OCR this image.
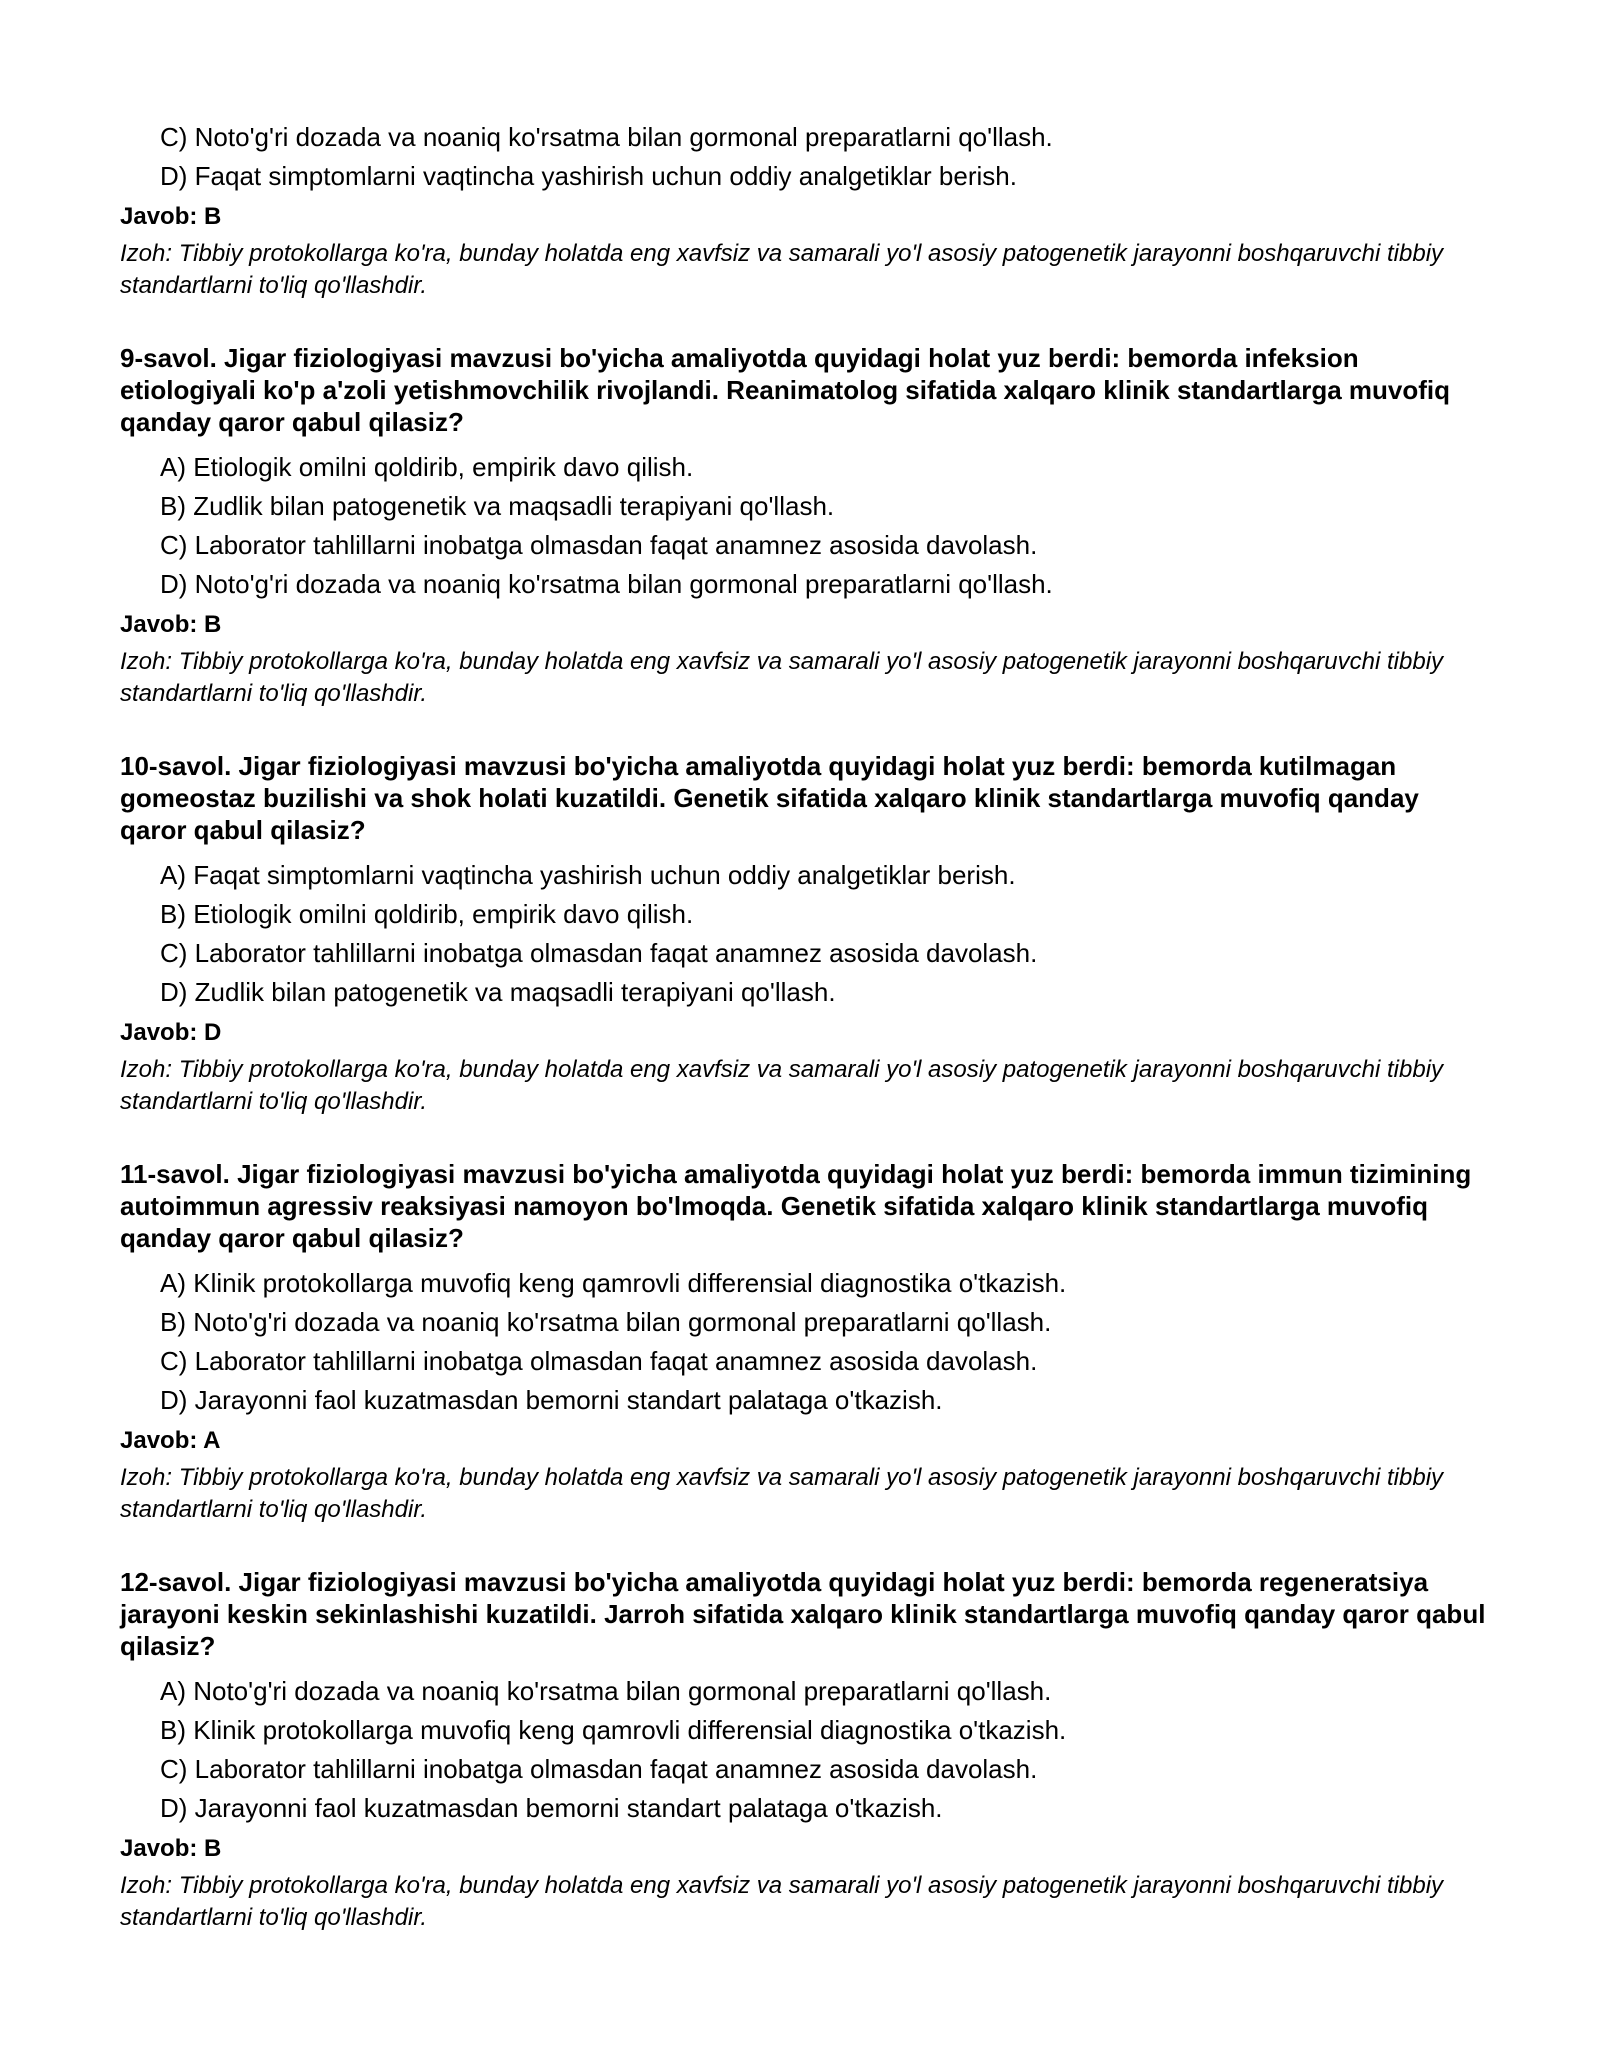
C) Noto'g'ri dozada va noaniq ko'rsatma bilan gormonal preparatlarni qo'llash.
D) Faqat simptomlarni vaqtincha yashirish uchun oddiy analgetiklar berish.
Javob: B
Izoh: Tibbiy protokollarga ko'ra, bunday holatda eng xavfsiz va samarali yo'l asosiy patogenetik jarayonni boshqaruvchi tibbiy standartlarni to'liq qo'llashdir.
9-savol. Jigar fiziologiyasi mavzusi bo'yicha amaliyotda quyidagi holat yuz berdi: bemorda infeksion etiologiyali ko'p a'zoli yetishmovchilik rivojlandi. Reanimatolog sifatida xalqaro klinik standartlarga muvofiq qanday qaror qabul qilasiz?
A) Etiologik omilni qoldirib, empirik davo qilish.
B) Zudlik bilan patogenetik va maqsadli terapiyani qo'llash.
C) Laborator tahlillarni inobatga olmasdan faqat anamnez asosida davolash.
D) Noto'g'ri dozada va noaniq ko'rsatma bilan gormonal preparatlarni qo'llash.
Javob: B
Izoh: Tibbiy protokollarga ko'ra, bunday holatda eng xavfsiz va samarali yo'l asosiy patogenetik jarayonni boshqaruvchi tibbiy standartlarni to'liq qo'llashdir.
10-savol. Jigar fiziologiyasi mavzusi bo'yicha amaliyotda quyidagi holat yuz berdi: bemorda kutilmagan gomeostaz buzilishi va shok holati kuzatildi. Genetik sifatida xalqaro klinik standartlarga muvofiq qanday qaror qabul qilasiz?
A) Faqat simptomlarni vaqtincha yashirish uchun oddiy analgetiklar berish.
B) Etiologik omilni qoldirib, empirik davo qilish.
C) Laborator tahlillarni inobatga olmasdan faqat anamnez asosida davolash.
D) Zudlik bilan patogenetik va maqsadli terapiyani qo'llash.
Javob: D
Izoh: Tibbiy protokollarga ko'ra, bunday holatda eng xavfsiz va samarali yo'l asosiy patogenetik jarayonni boshqaruvchi tibbiy standartlarni to'liq qo'llashdir.
11-savol. Jigar fiziologiyasi mavzusi bo'yicha amaliyotda quyidagi holat yuz berdi: bemorda immun tizimining autoimmun agressiv reaksiyasi namoyon bo'lmoqda. Genetik sifatida xalqaro klinik standartlarga muvofiq qanday qaror qabul qilasiz?
A) Klinik protokollarga muvofiq keng qamrovli differensial diagnostika o'tkazish.
B) Noto'g'ri dozada va noaniq ko'rsatma bilan gormonal preparatlarni qo'llash.
C) Laborator tahlillarni inobatga olmasdan faqat anamnez asosida davolash.
D) Jarayonni faol kuzatmasdan bemorni standart palataga o'tkazish.
Javob: A
Izoh: Tibbiy protokollarga ko'ra, bunday holatda eng xavfsiz va samarali yo'l asosiy patogenetik jarayonni boshqaruvchi tibbiy standartlarni to'liq qo'llashdir.
12-savol. Jigar fiziologiyasi mavzusi bo'yicha amaliyotda quyidagi holat yuz berdi: bemorda regeneratsiya jarayoni keskin sekinlashishi kuzatildi. Jarroh sifatida xalqaro klinik standartlarga muvofiq qanday qaror qabul qilasiz?
A) Noto'g'ri dozada va noaniq ko'rsatma bilan gormonal preparatlarni qo'llash.
B) Klinik protokollarga muvofiq keng qamrovli differensial diagnostika o'tkazish.
C) Laborator tahlillarni inobatga olmasdan faqat anamnez asosida davolash.
D) Jarayonni faol kuzatmasdan bemorni standart palataga o'tkazish.
Javob: B
Izoh: Tibbiy protokollarga ko'ra, bunday holatda eng xavfsiz va samarali yo'l asosiy patogenetik jarayonni boshqaruvchi tibbiy standartlarni to'liq qo'llashdir.
